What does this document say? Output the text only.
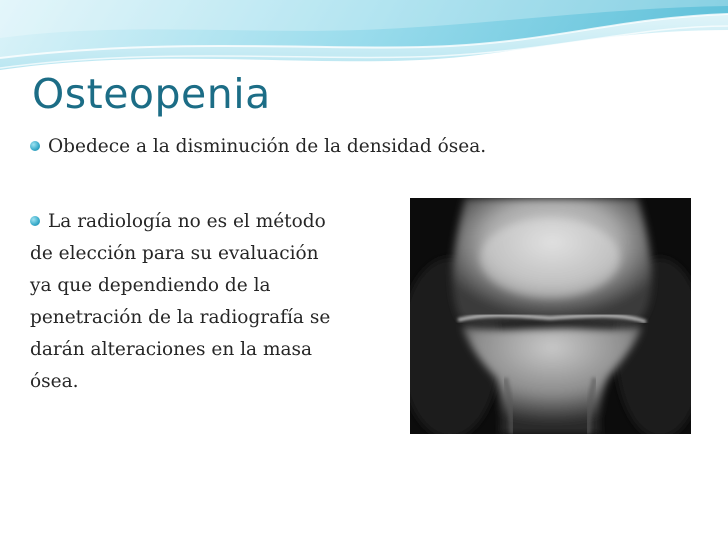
Osteopenia
Obedece a la disminución de la densidad ósea.
La radiología no es el método
de elección para su evaluación
ya que dependiendo de la
penetración de la radiografía se
darán alteraciones en la masa
ósea.
